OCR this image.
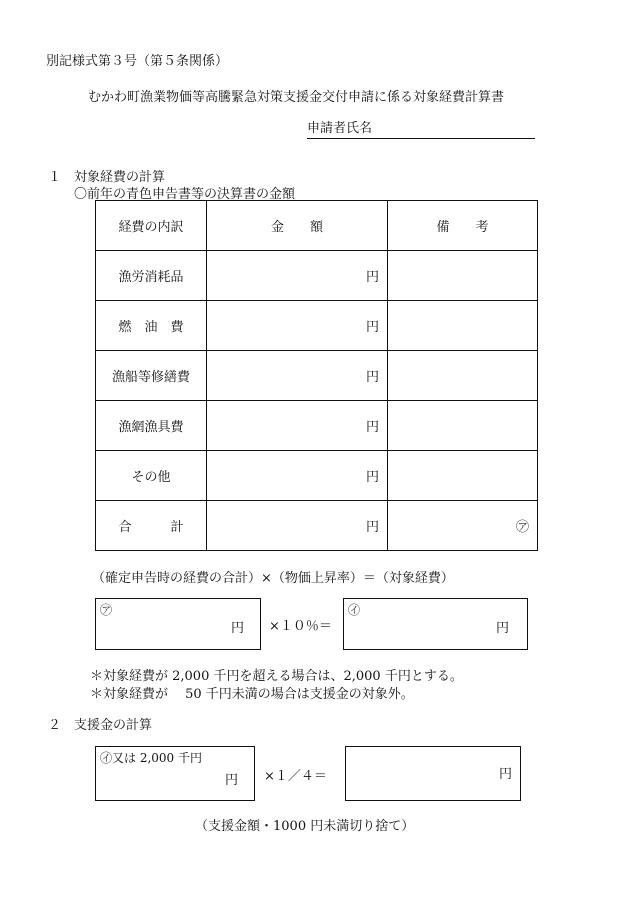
別記様式第３号（第５条関係）
むかわ町漁業物価等高騰緊急対策支援金交付申請に係る対象経費計算書
申請者氏名
１　対象経費の計算
〇前年の青色申告書等の決算書の金額
経費の内訳	金　　額	備　　考
漁労消耗品	円	
燃　油　費	円	
漁船等修繕費	円	
漁網漁具費	円	
その他	円	
合　　　計	円	㋐
（確定申告時の経費の合計）×（物価上昇率）＝（対象経費）
㋐
円 ×１０％＝
㋑
円
＊対象経費が 2,000 千円を超える場合は、2,000 千円とする。
＊対象経費が　 50 千円未満の場合は支援金の対象外。
２　支援金の計算
㋑又は 2,000 千円
円 ×１／４＝	円
（支援金額・1000 円未満切り捨て）
